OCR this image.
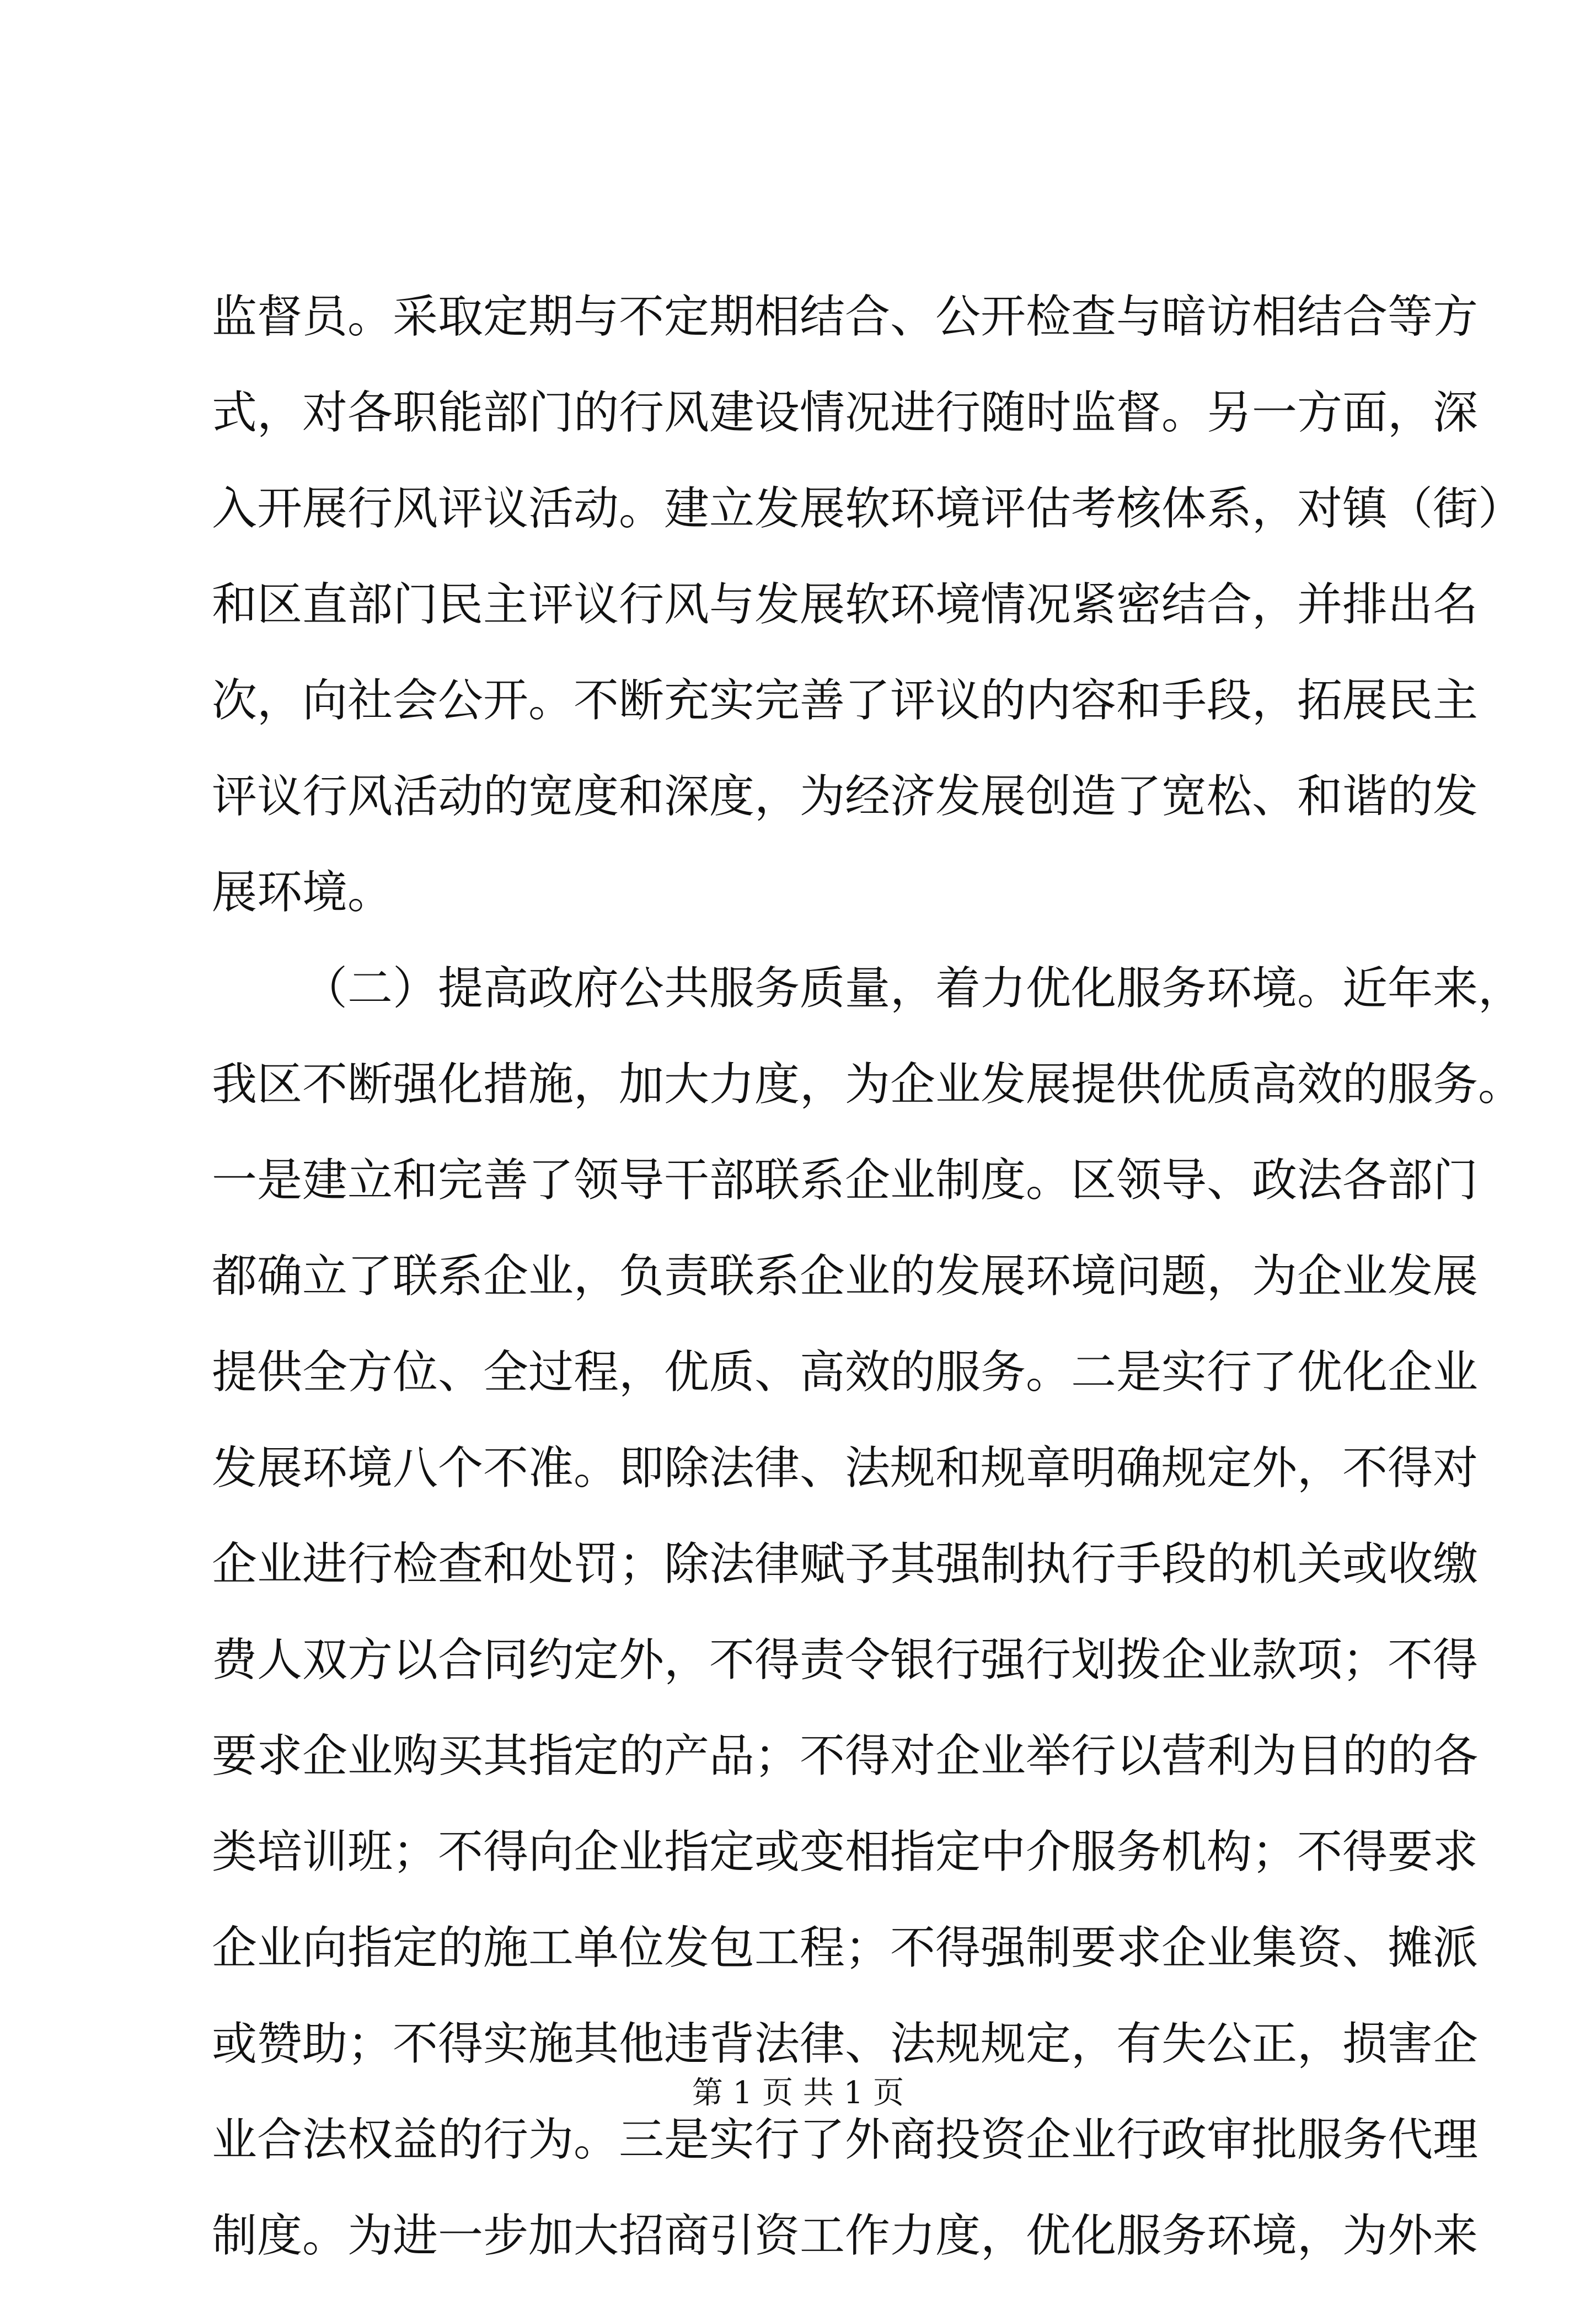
监督员。采取定期与不定期相结合、公开检查与暗访相结合等方
式，对各职能部门的行风建设情况进行随时监督。另一方面，深
入开展行风评议活动。建立发展软环境评估考核体系，对镇（街）
和区直部门民主评议行风与发展软环境情况紧密结合，并排出名
次，向社会公开。不断充实完善了评议的内容和手段，拓展民主
评议行风活动的宽度和深度，为经济发展创造了宽松、和谐的发
展环境。
（二）提高政府公共服务质量，着力优化服务环境。近年来，
我区不断强化措施，加大力度，为企业发展提供优质高效的服务。
一是建立和完善了领导干部联系企业制度。区领导、政法各部门
都确立了联系企业，负责联系企业的发展环境问题，为企业发展
提供全方位、全过程，优质、高效的服务。二是实行了优化企业
发展环境八个不准。即除法律、法规和规章明确规定外，不得对
企业进行检查和处罚；除法律赋予其强制执行手段的机关或收缴
费人双方以合同约定外，不得责令银行强行划拨企业款项；不得
要求企业购买其指定的产品；不得对企业举行以营利为目的的各
类培训班；不得向企业指定或变相指定中介服务机构；不得要求
企业向指定的施工单位发包工程；不得强制要求企业集资、摊派
或赞助；不得实施其他违背法律、法规规定，有失公正，损害企
业合法权益的行为。三是实行了外商投资企业行政审批服务代理
制度。为进一步加大招商引资工作力度，优化服务环境，为外来
第 1 页 共 1 页
